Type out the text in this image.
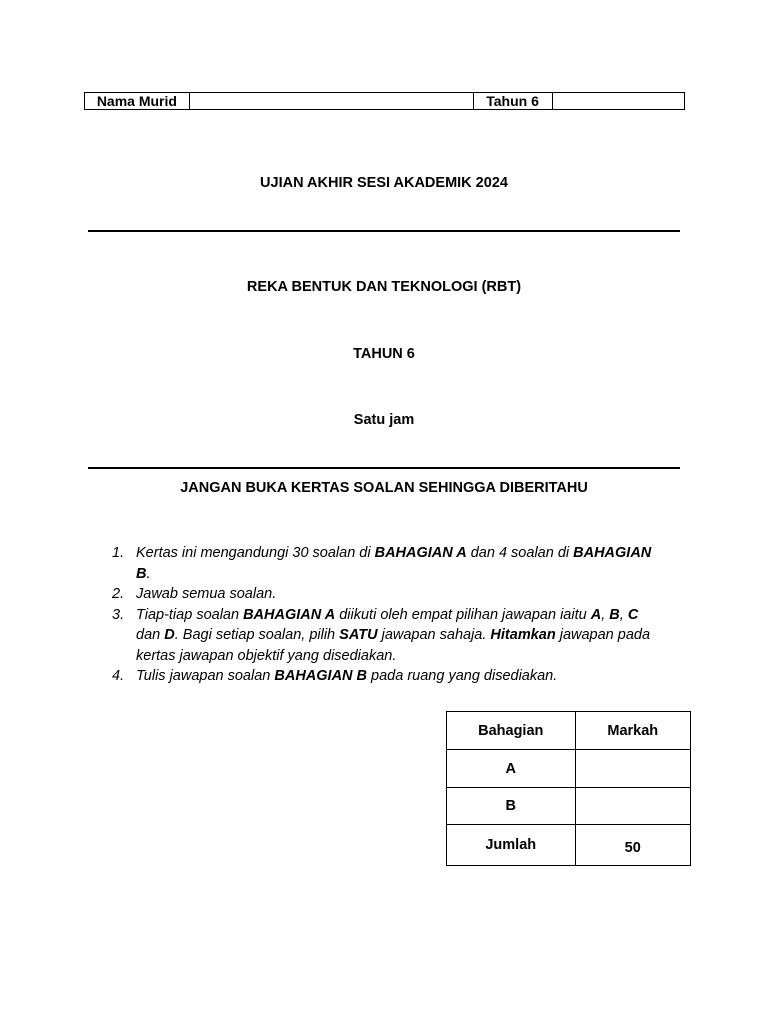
Nama Murid		Tahun 6	
UJIAN AKHIR SESI AKADEMIK 2024
REKA BENTUK DAN TEKNOLOGI (RBT)
TAHUN 6
Satu jam
JANGAN BUKA KERTAS SOALAN SEHINGGA DIBERITAHU
1. Kertas ini mengandungi 30 soalan di BAHAGIAN A dan 4 soalan di BAHAGIAN B.
2. Jawab semua soalan.
3. Tiap-tiap soalan BAHAGIAN A diikuti oleh empat pilihan jawapan iaitu A, B, C dan D. Bagi setiap soalan, pilih SATU jawapan sahaja. Hitamkan jawapan pada kertas jawapan objektif yang disediakan.
4. Tulis jawapan soalan BAHAGIAN B pada ruang yang disediakan.
Bahagian	Markah
A	
B	
Jumlah	50
